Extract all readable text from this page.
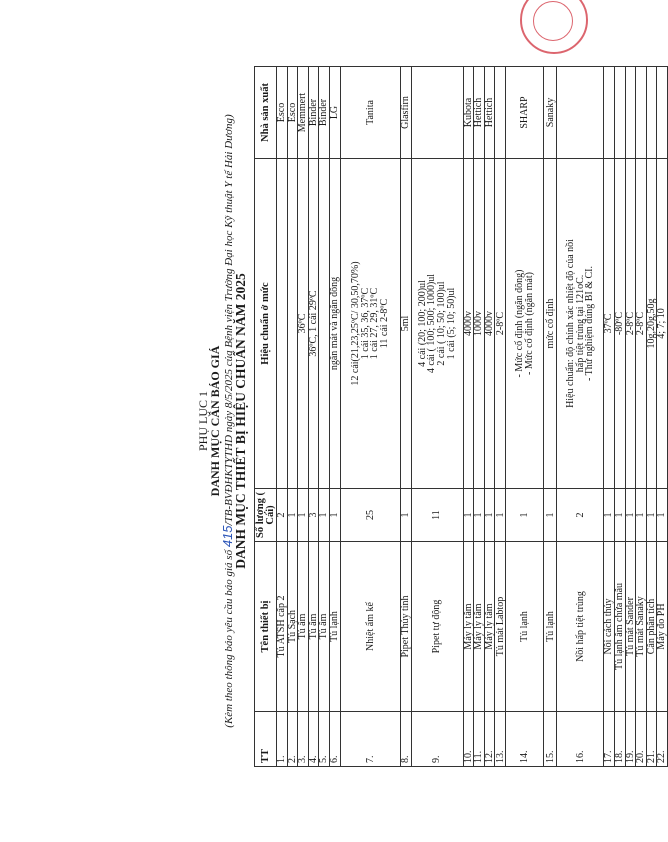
PHỤ LỤC 1
DANH MỤC CẦN BÁO GIÁ
(Kèm theo thông báo yêu cầu báo giá số 415/TB-BVĐHKTYTHD ngày 8/5/2025 của Bệnh viện Trường Đại học Kỹ thuật Y tế Hải Dương)
DANH MỤC THIẾT BỊ HIỆU CHUẨN NĂM 2025
TT	Tên thiết bị	Số lượng ( Cái)	Hiệu chuẩn ở mức	Nhà sản xuất
1.	Tủ ATSH cấp 2	2		Esco
2.	Tủ Sạch	1		Esco
3.	Tủ ấm	1	36ºC	Memmert
4.	Tủ ấm	3	36ºC, 1 cái 29ºC	Binder
5.	Tủ ấm	1		Binder
6.	Tủ lạnh	1	ngăn mát và ngăn đông	LG
7.	Nhiệt ẩm kế	25	12 cái(21,23,25ºC/ 30,50,70%)
1 cái 35, 36, 37ºC
1 cái 27, 29, 31ºC
11 cái 2-8ºC	Tanita
8.	Pipet Thủy tinh	1	5ml	Glasfirn
9.	Pipet tự động	11	4 cái (20; 100; 200)ul
4 cái ( 100; 500; 1000)ul
2 cái ( 10; 50; 100)ul
1 cái (5; 10; 50)ul	
10.	Máy ly tâm	1	4000v	Kubota
11.	Máy ly tâm	1	1000v	Hettich
12.	Máy ly tâm	1	4000v	Hettich
13.	Tủ mát Labtop	1	2-8ºC	
14.	Tủ lạnh	1	- Mức cố định (ngăn đông)
- Mức cố định (ngăn mát)	SHARP
15.	Tủ lạnh	1	mức cố định	Sanaky
16.	Nồi hấp tiệt trùng	2	Hiệu chuẩn: độ chính xác nhiệt độ của nồi
hấp tiệt trùng tại 121oC.
- Thử nghiệm đúng BI & CI.	
17.	Nồi cách thủy	1	37ºC	
18.	Tủ lạnh âm chứa mẫu	1	-80ºC	
19.	Tủ mát Sander	1	2-8ºC	
20.	Tủ mát Sanaky	1	2-8ºC	
21.	Cân phân tích	1	10g,20g,50g	
22.	Máy đo PH	1	4; 7; 10	
